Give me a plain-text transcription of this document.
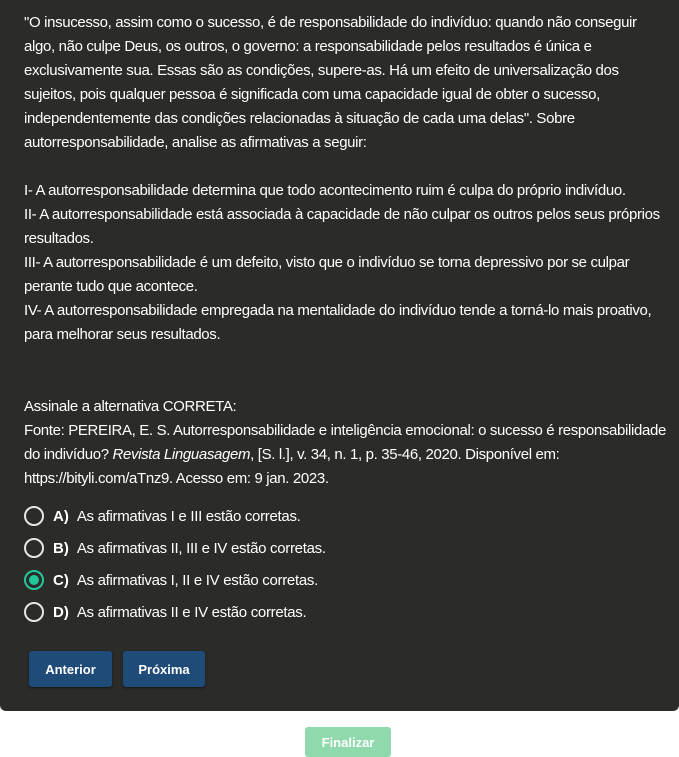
"O insucesso, assim como o sucesso, é de responsabilidade do indivíduo: quando não conseguir algo, não culpe Deus, os outros, o governo: a responsabilidade pelos resultados é única e exclusivamente sua. Essas são as condições, supere-as. Há um efeito de universalização dos sujeitos, pois qualquer pessoa é significada com uma capacidade igual de obter o sucesso, independentemente das condições relacionadas à situação de cada uma delas". Sobre autorresponsabilidade, analise as afirmativas a seguir:

I- A autorresponsabilidade determina que todo acontecimento ruim é culpa do próprio indivíduo.

II- A autorresponsabilidade está associada à capacidade de não culpar os outros pelos seus próprios resultados.

III- A autorresponsabilidade é um defeito, visto que o indivíduo se torna depressivo por se culpar perante tudo que acontece.

IV- A autorresponsabilidade empregada na mentalidade do indivíduo tende a torná-lo mais proativo, para melhorar seus resultados.

Assinale a alternativa CORRETA:

Fonte: PEREIRA, E. S. Autorresponsabilidade e inteligência emocional: o sucesso é responsabilidade do indivíduo? Revista Linguasagem, [S. l.], v. 34, n. 1, p. 35-46, 2020. Disponível em: https://bityli.com/aTnz9. Acesso em: 9 jan. 2023.

A) As afirmativas I e III estão corretas.
B) As afirmativas II, III e IV estão corretas.
C) As afirmativas I, II e IV estão corretas.
D) As afirmativas II e IV estão corretas.
Anterior	Próxima
Finalizar
